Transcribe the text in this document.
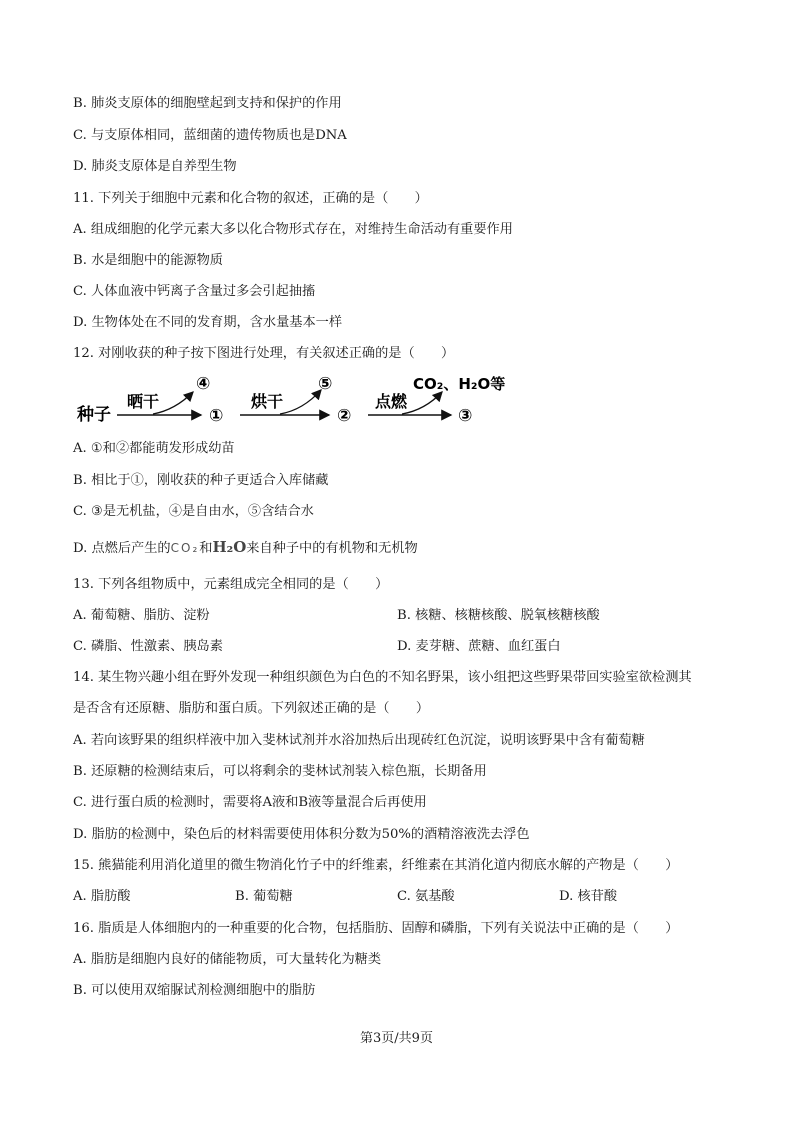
B. 肺炎支原体的细胞壁起到支持和保护的作用
C. 与支原体相同，蓝细菌的遗传物质也是DNA
D. 肺炎支原体是自养型生物
11. 下列关于细胞中元素和化合物的叙述，正确的是（　　）
A. 组成细胞的化学元素大多以化合物形式存在，对维持生命活动有重要作用
B. 水是细胞中的能源物质
C. 人体血液中钙离子含量过多会引起抽搐
D. 生物体处在不同的发育期，含水量基本一样
12. 对刚收获的种子按下图进行处理，有关叙述正确的是（　　）
种子
晒干
④
①
烘干
⑤
②
点燃
CO₂、H₂O等
③
A. ①和②都能萌发形成幼苗
B. 相比于①，刚收获的种子更适合入库储藏
C. ③是无机盐，④是自由水，⑤含结合水
D. 点燃后产生的CO₂和H₂O来自种子中的有机物和无机物
13. 下列各组物质中，元素组成完全相同的是（　　）
A. 葡萄糖、脂肪、淀粉	B. 核糖、核糖核酸、脱氧核糖核酸
C. 磷脂、性激素、胰岛素	D. 麦芽糖、蔗糖、血红蛋白
14. 某生物兴趣小组在野外发现一种组织颜色为白色的不知名野果，该小组把这些野果带回实验室欲检测其
是否含有还原糖、脂肪和蛋白质。下列叙述正确的是（　　）
A. 若向该野果的组织样液中加入斐林试剂并水浴加热后出现砖红色沉淀，说明该野果中含有葡萄糖
B. 还原糖的检测结束后，可以将剩余的斐林试剂装入棕色瓶，长期备用
C. 进行蛋白质的检测时，需要将A液和B液等量混合后再使用
D. 脂肪的检测中，染色后的材料需要使用体积分数为50%的酒精溶液洗去浮色
15. 熊猫能利用消化道里的微生物消化竹子中的纤维素，纤维素在其消化道内彻底水解的产物是（　　）
A. 脂肪酸	B. 葡萄糖	C. 氨基酸	D. 核苷酸
16. 脂质是人体细胞内的一种重要的化合物，包括脂肪、固醇和磷脂，下列有关说法中正确的是（　　）
A. 脂肪是细胞内良好的储能物质，可大量转化为糖类
B. 可以使用双缩脲试剂检测细胞中的脂肪
第3页/共9页
